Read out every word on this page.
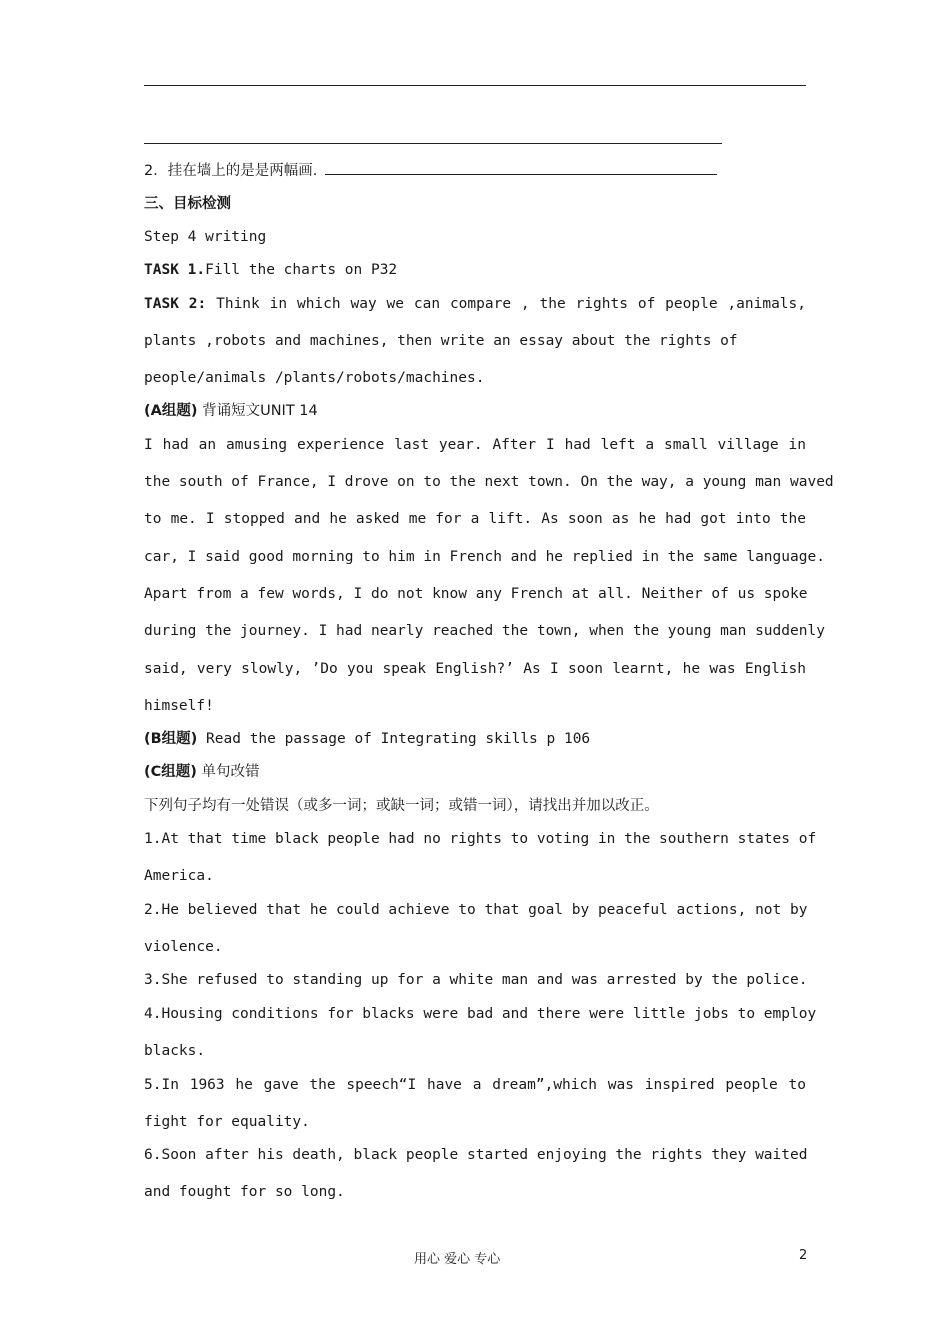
2．挂在墙上的是是两幅画.
三、目标检测
Step 4 writing
TASK 1.Fill the charts on P32
TASK 2: Think in which way we can compare , the rights of people ,animals,
plants ,robots and machines, then write an essay about the rights of
people/animals /plants/robots/machines.
(A组题) 背诵短文UNIT 14
I had an amusing experience last year. After I had left a small village in
the south of France, I drove on to the next town. On the way, a young man waved
to me. I stopped and he asked me for a lift. As soon as he had got into the
car, I said good morning to him in French and he replied in the same language.
Apart from a few words, I do not know any French at all. Neither of us spoke
during the journey. I had nearly reached the town, when the young man suddenly
said, very slowly, ’Do you speak English?’ As I soon learnt, he was English
himself!
(B组题) Read the passage of Integrating skills p 106
(C组题) 单句改错
下列句子均有一处错误（或多一词；或缺一词；或错一词），请找出并加以改正。
1.At that time black people had no rights to voting in the southern states of
America.
2.He believed that he could achieve to that goal by peaceful actions, not by
violence.
3.She refused to standing up for a white man and was arrested by the police.
4.Housing conditions for blacks were bad and there were little jobs to employ
blacks.
5.In 1963 he gave the speech“I have a dream”,which was inspired people to
fight for equality.
6.Soon after his death, black people started enjoying the rights they waited
and fought for so long.
用心 爱心 专心	2
